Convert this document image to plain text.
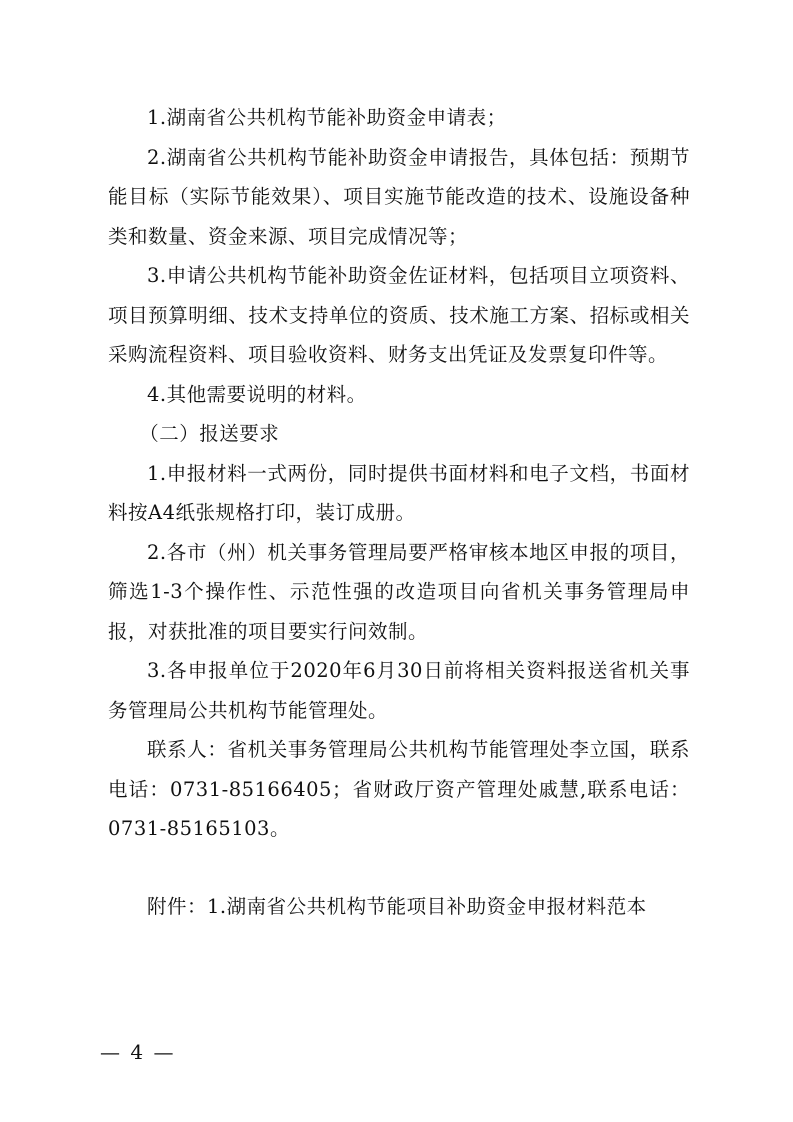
1.湖南省公共机构节能补助资金申请表；

2.湖南省公共机构节能补助资金申请报告，具体包括：预期节能目标（实际节能效果）、项目实施节能改造的技术、设施设备种类和数量、资金来源、项目完成情况等；

3.申请公共机构节能补助资金佐证材料，包括项目立项资料、项目预算明细、技术支持单位的资质、技术施工方案、招标或相关采购流程资料、项目验收资料、财务支出凭证及发票复印件等。

4.其他需要说明的材料。

（二）报送要求

1.申报材料一式两份，同时提供书面材料和电子文档，书面材料按A4纸张规格打印，装订成册。

2.各市（州）机关事务管理局要严格审核本地区申报的项目，筛选1-3个操作性、示范性强的改造项目向省机关事务管理局申报，对获批准的项目要实行问效制。

3.各申报单位于2020年6月30日前将相关资料报送省机关事务管理局公共机构节能管理处。

联系人：省机关事务管理局公共机构节能管理处李立国，联系电话：0731-85166405；省财政厅资产管理处戚慧,联系电话：0731-85165103。

附件：1.湖南省公共机构节能项目补助资金申报材料范本

— 4 —
